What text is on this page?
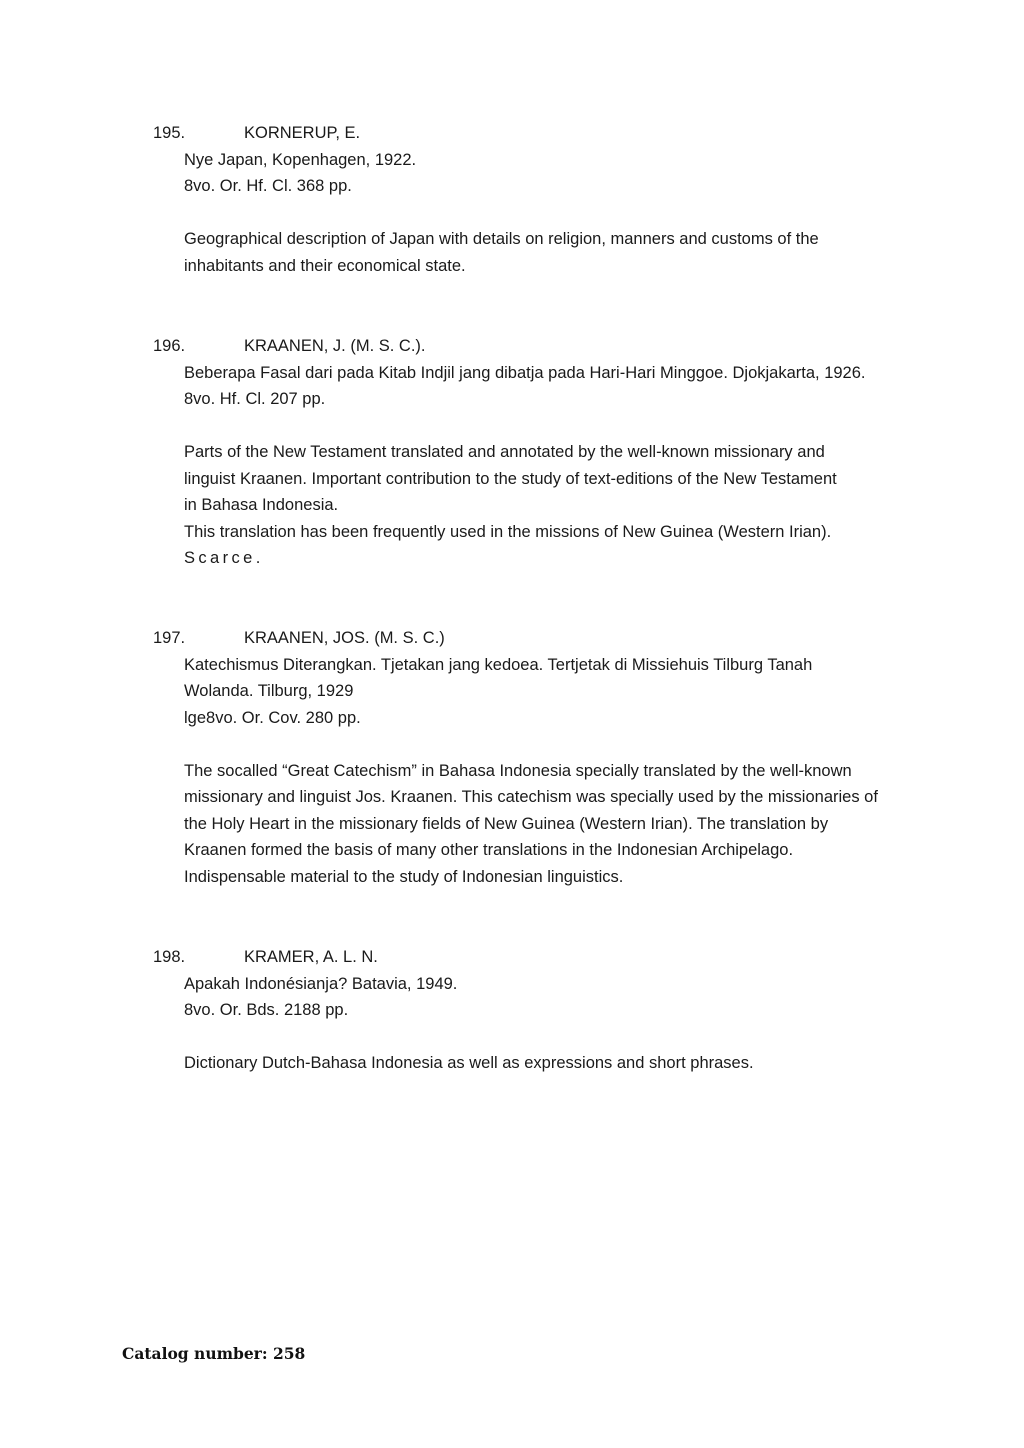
195.	KORNERUP, E.
Nye Japan, Kopenhagen, 1922.
8vo. Or. Hf. Cl. 368 pp.
Geographical description of Japan with details on religion, manners and customs of the
inhabitants and their economical state.
196.	KRAANEN, J. (M. S. C.).
Beberapa Fasal dari pada Kitab Indjil jang dibatja pada Hari-Hari Minggoe. Djokjakarta, 1926.
8vo. Hf. Cl. 207 pp.
Parts of the New Testament translated and annotated by the well-known missionary and
linguist Kraanen. Important contribution to the study of text-editions of the New Testament
in Bahasa Indonesia.
This translation has been frequently used in the missions of New Guinea (Western Irian).
Scarce.
197.	KRAANEN, JOS. (M. S. C.)
Katechismus Diterangkan. Tjetakan jang kedoea. Tertjetak di Missiehuis Tilburg Tanah
Wolanda. Tilburg, 1929
lge8vo. Or. Cov. 280 pp.
The socalled “Great Catechism” in Bahasa Indonesia specially translated by the well-known
missionary and linguist Jos. Kraanen. This catechism was specially used by the missionaries of
the Holy Heart in the missionary fields of New Guinea (Western Irian). The translation by
Kraanen formed the basis of many other translations in the Indonesian Archipelago.
Indispensable material to the study of Indonesian linguistics.
198.	KRAMER, A. L. N.
Apakah Indonésianja? Batavia, 1949.
8vo. Or. Bds. 2188 pp.
Dictionary Dutch-Bahasa Indonesia as well as expressions and short phrases.
Catalog number: 258
